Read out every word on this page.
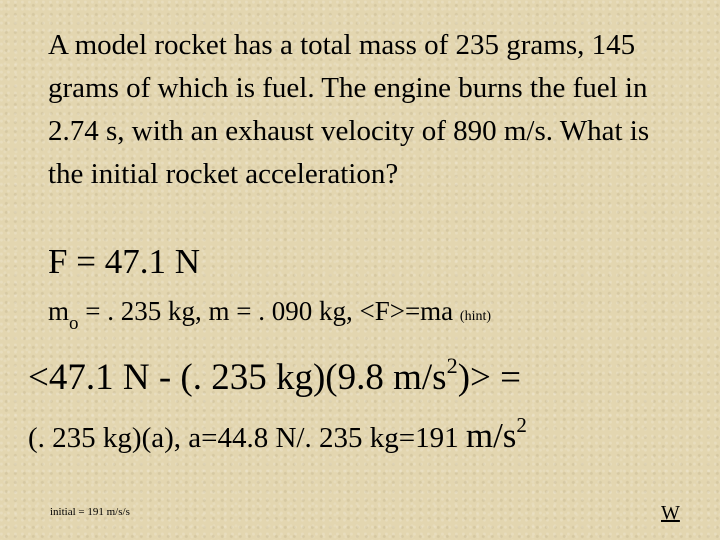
A model rocket has a total mass of 235 grams, 145 grams of which is fuel. The engine burns the fuel in 2.74 s, with an exhaust velocity of 890 m/s. What is the initial rocket acceleration?
F = 47.1 N
$m_o$ = . 235 kg, m = . 090 kg, <F>=ma (hint)
<47.1 N - (. 235 kg)(9.8 $m/s^2)>$ =
(. 235 kg)(a), a=44.8 N/. 235 kg=191 $m/s^2$
initial = 191 m/s/s	W
